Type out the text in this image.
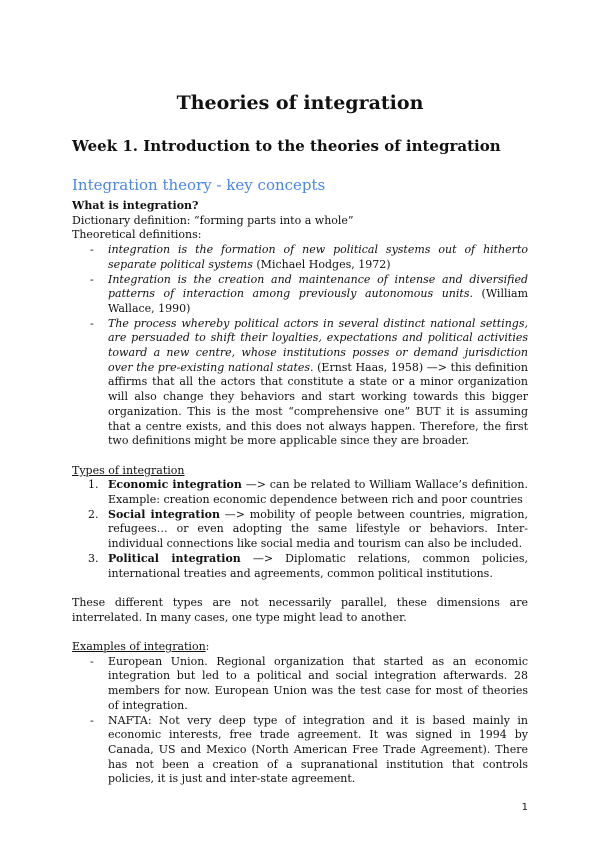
Theories of integration
Week 1. Introduction to the theories of integration
Integration theory - key concepts

What is integration?

Dictionary definition: “forming parts into a whole”

Theoretical definitions:

- integration is the formation of new political systems out of hitherto separate political systems (Michael Hodges, 1972)
- Integration is the creation and maintenance of intense and diversified patterns of interaction among previously autonomous units. (William Wallace, 1990)
- The process whereby political actors in several distinct national settings, are persuaded to shift their loyalties, expectations and political activities toward a new centre, whose institutions posses or demand jurisdiction over the pre-existing national states. (Ernst Haas, 1958) —> this definition affirms that all the actors that constitute a state or a minor organization will also change they behaviors and start working towards this bigger organization. This is the most “comprehensive one” BUT it is assuming that a centre exists, and this does not always happen. Therefore, the first two definitions might be more applicable since they are broader.

Types of integration

1. Economic integration —> can be related to William Wallace’s definition. Example: creation economic dependence between rich and poor countries
2. Social integration —> mobility of people between countries, migration, refugees… or even adopting the same lifestyle or behaviors. Inter-individual connections like social media and tourism can also be included.
3. Political integration —> Diplomatic relations, common policies, international treaties and agreements, common political institutions.

These different types are not necessarily parallel, these dimensions are interrelated. In many cases, one type might lead to another.

Examples of integration:

- European Union. Regional organization that started as an economic integration but led to a political and social integration afterwards. 28 members for now. European Union was the test case for most of theories of integration.
- NAFTA: Not very deep type of integration and it is based mainly in economic interests, free trade agreement. It was signed in 1994 by Canada, US and Mexico (North American Free Trade Agreement). There has not been a creation of a supranational institution that controls policies, it is just and inter-state agreement.
1
